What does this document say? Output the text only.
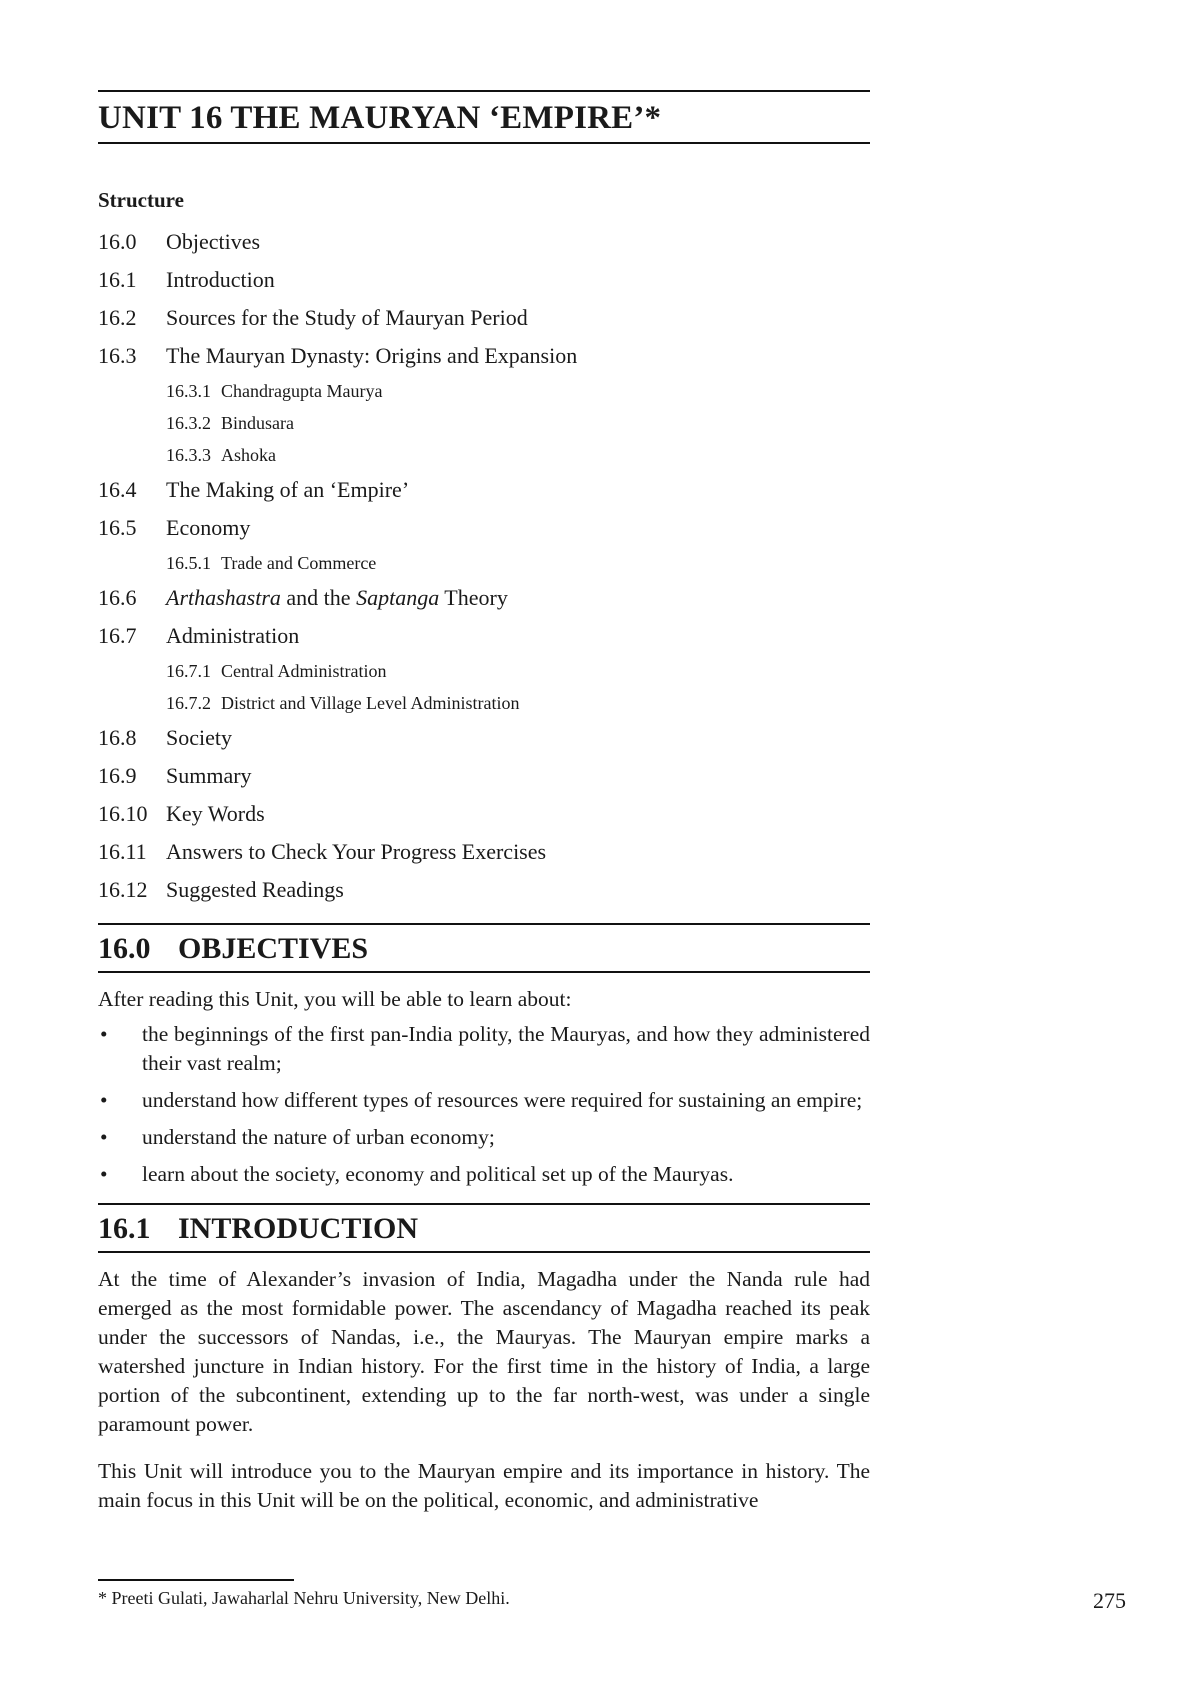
UNIT 16 THE MAURYAN ‘EMPIRE’*
Structure
16.0	Objectives
16.1	Introduction
16.2	Sources for the Study of Mauryan Period
16.3	The Mauryan Dynasty: Origins and Expansion
16.3.1 Chandragupta Maurya
16.3.2 Bindusara
16.3.3 Ashoka
16.4	The Making of an ‘Empire’
16.5	Economy
16.5.1 Trade and Commerce
16.6	Arthashastra and the Saptanga Theory
16.7	Administration
16.7.1 Central Administration
16.7.2 District and Village Level Administration
16.8	Society
16.9	Summary
16.10 Key Words
16.11 Answers to Check Your Progress Exercises
16.12 Suggested Readings
16.0 OBJECTIVES

After reading this Unit, you will be able to learn about:

•	the beginnings of the first pan-India polity, the Mauryas, and how they administered their vast realm;
•	understand how different types of resources were required for sustaining an empire;
•	understand the nature of urban economy;
•	learn about the society, economy and political set up of the Mauryas.
16.1 INTRODUCTION

At the time of Alexander’s invasion of India, Magadha under the Nanda rule had emerged as the most formidable power. The ascendancy of Magadha reached its peak under the successors of Nandas, i.e., the Mauryas. The Mauryan empire marks a watershed juncture in Indian history. For the first time in the history of India, a large portion of the subcontinent, extending up to the far north-west, was under a single paramount power.

This Unit will introduce you to the Mauryan empire and its importance in history. The main focus in this Unit will be on the political, economic, and administrative

* Preeti Gulati, Jawaharlal Nehru University, New Delhi.	275
